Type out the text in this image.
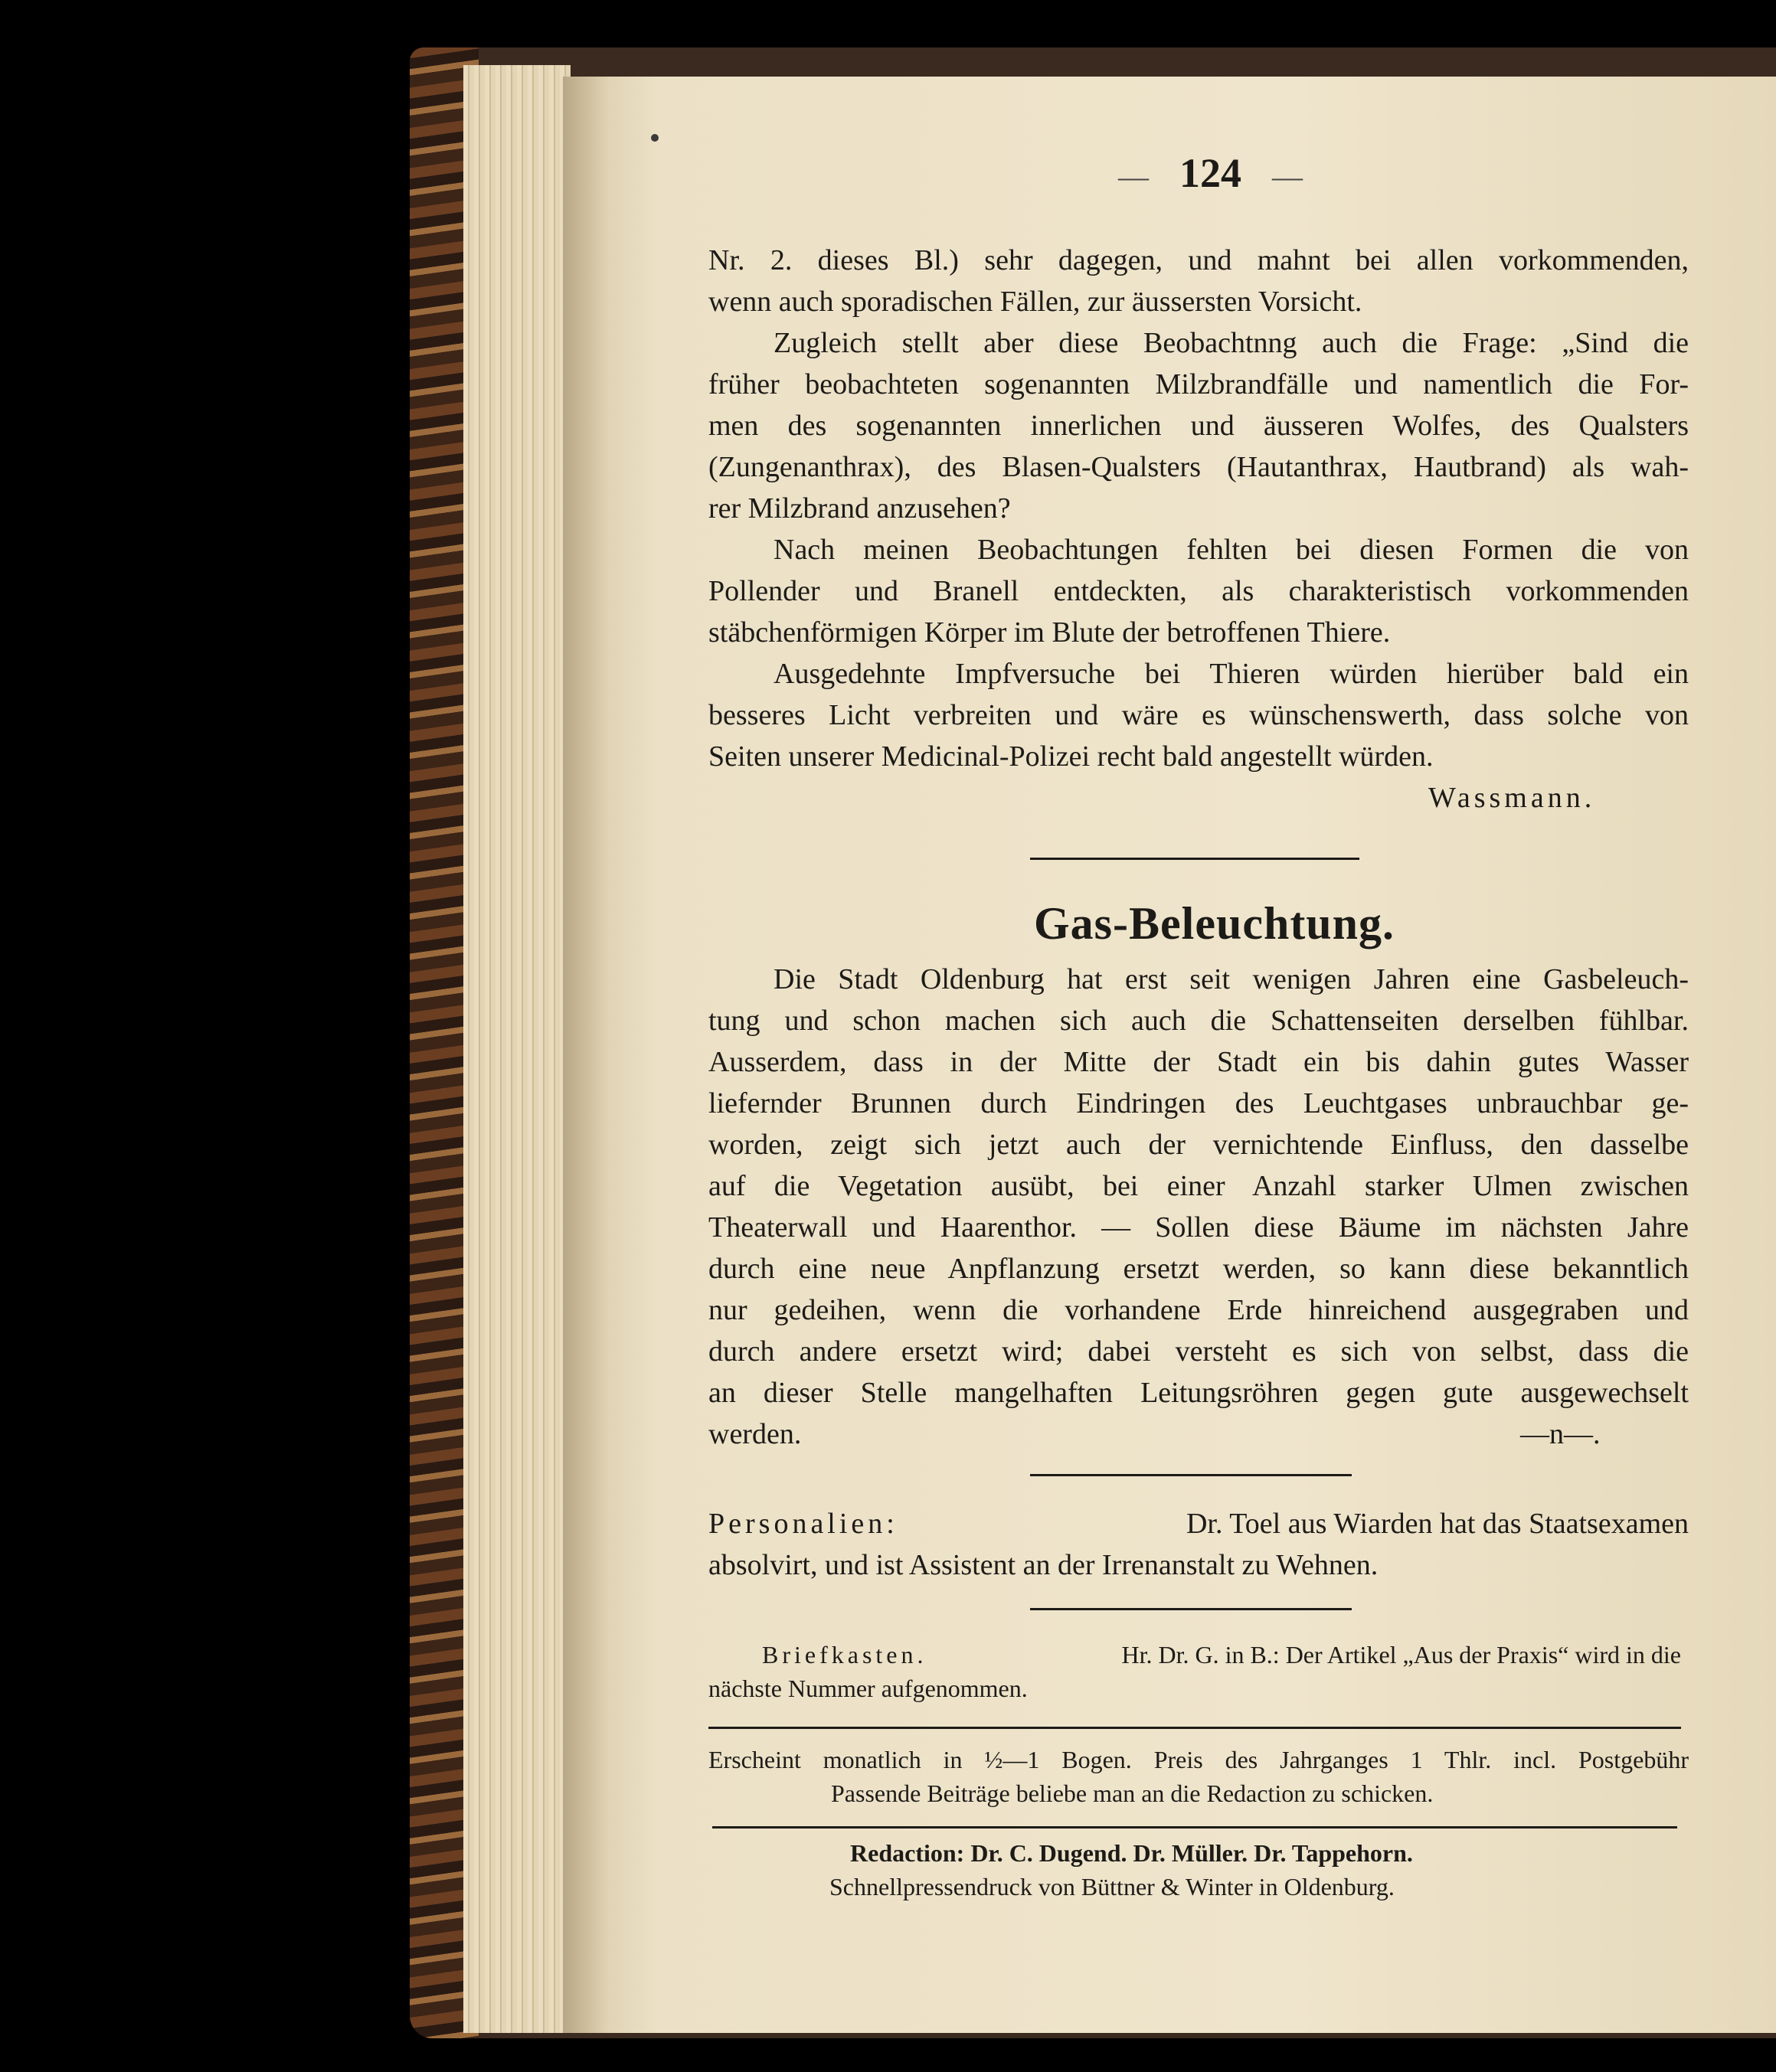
— 124 —
Nr. 2. dieses Bl.) sehr dagegen, und mahnt bei allen vorkommenden,
wenn auch sporadischen Fällen, zur äussersten Vorsicht.
Zugleich stellt aber diese Beobachtnng auch die Frage: „Sind die
früher beobachteten sogenannten Milzbrandfälle und namentlich die For-
men des sogenannten innerlichen und äusseren Wolfes, des Qualsters
(Zungenanthrax), des Blasen-Qualsters (Hautanthrax, Hautbrand) als wah-
rer Milzbrand anzusehen?
Nach meinen Beobachtungen fehlten bei diesen Formen die von
Pollender und Branell entdeckten, als charakteristisch vorkommenden
stäbchenförmigen Körper im Blute der betroffenen Thiere.
Ausgedehnte Impfversuche bei Thieren würden hierüber bald ein
besseres Licht verbreiten und wäre es wünschenswerth, dass solche von
Seiten unserer Medicinal-Polizei recht bald angestellt würden.
Wassmann.
Gas-Beleuchtung.
Die Stadt Oldenburg hat erst seit wenigen Jahren eine Gasbeleuch-
tung und schon machen sich auch die Schattenseiten derselben fühlbar.
Ausserdem, dass in der Mitte der Stadt ein bis dahin gutes Wasser
liefernder Brunnen durch Eindringen des Leuchtgases unbrauchbar ge-
worden, zeigt sich jetzt auch der vernichtende Einfluss, den dasselbe
auf die Vegetation ausübt, bei einer Anzahl starker Ulmen zwischen
Theaterwall und Haarenthor. — Sollen diese Bäume im nächsten Jahre
durch eine neue Anpflanzung ersetzt werden, so kann diese bekanntlich
nur gedeihen, wenn die vorhandene Erde hinreichend ausgegraben und
durch andere ersetzt wird; dabei versteht es sich von selbst, dass die
an dieser Stelle mangelhaften Leitungsröhren gegen gute ausgewechselt
werden.	—n—.
Personalien:	Dr. Toel aus Wiarden hat das Staatsexamen
absolvirt, und ist Assistent an der Irrenanstalt zu Wehnen.
Briefkasten.	Hr. Dr. G. in B.: Der Artikel „Aus der Praxis“ wird in die
nächste Nummer aufgenommen.
Erscheint monatlich in ½—1 Bogen. Preis des Jahrganges 1 Thlr. incl. Postgebühr
Passende Beiträge beliebe man an die Redaction zu schicken.
Redaction: Dr. C. Dugend. Dr. Müller. Dr. Tappehorn.
Schnellpressendruck von Büttner & Winter in Oldenburg.
